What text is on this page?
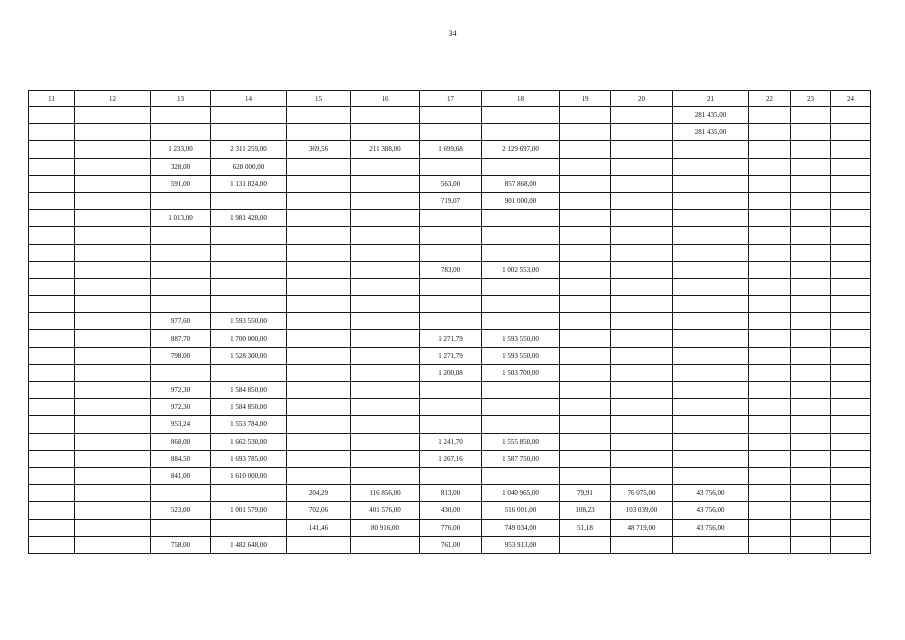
34
11	12	13	14	15	16	17	18	19	20	21	22	23	24
										281 435,00			
										281 435,00			
		1 233,00	2 311 259,00	369,56	211 388,00	1 699,68	2 129 697,00						
		328,00	628 000,00										
		591,00	1 131 824,00			563,00	857 868,00						
						719,07	901 000,00						
		1 013,00	1 981 428,00										

						783,00	1 002 553,00						

		977,60	1 593 550,00										
		887,70	1 700 000,00			1 271,79	1 593 550,00						
		798,00	1 528 300,00			1 271,79	1 593 550,00						
						1 200,08	1 503 700,00						
		972,30	1 584 850,00										
		972,30	1 584 850,00										
		953,24	1 553 784,00										
		868,00	1 662 530,00			1 241,70	1 555 850,00						
		884,50	1 693 785,00			1 267,16	1 587 750,00						
		841,00	1 610 000,00										
				204,29	116 856,00	813,00	1 040 965,00	79,91	76 075,00	43 756,00			
		523,00	1 001 579,00	702,06	401 576,00	430,00	516 001,00	108,23	103 039,00	43 756,00			
				141,46	80 916,00	776,00	749 034,00	51,18	48 719,00	43 756,00			
		758,00	1 482 648,00			761,00	953 913,00						
